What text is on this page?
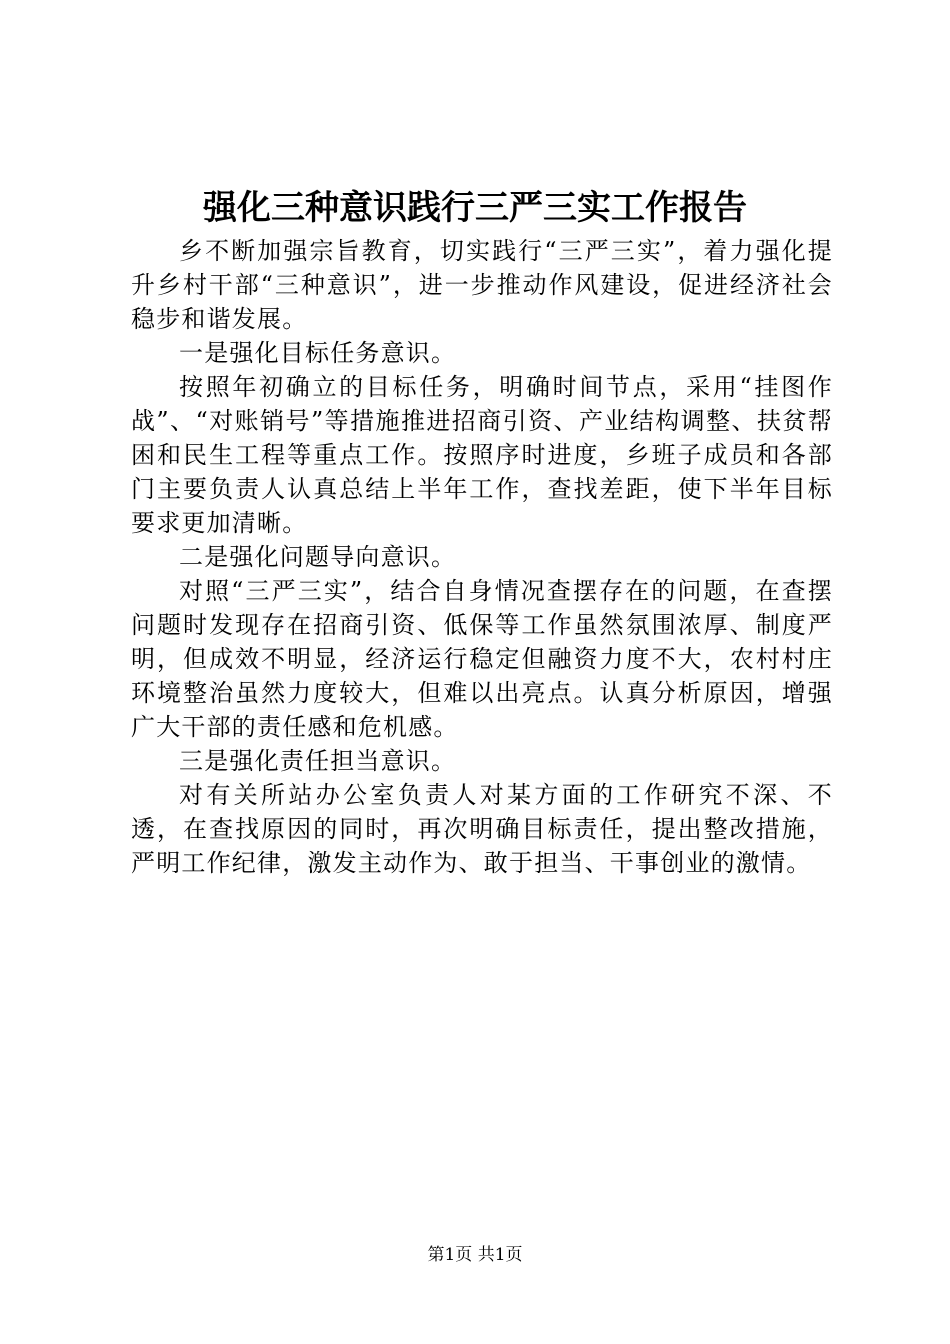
强化三种意识践行三严三实工作报告

乡不断加强宗旨教育，切实践行“三严三实”，着力强化提升乡村干部“三种意识”，进一步推动作风建设，促进经济社会稳步和谐发展。

一是强化目标任务意识。

按照年初确立的目标任务，明确时间节点，采用“挂图作战”、“对账销号”等措施推进招商引资、产业结构调整、扶贫帮困和民生工程等重点工作。按照序时进度，乡班子成员和各部门主要负责人认真总结上半年工作，查找差距，使下半年目标要求更加清晰。

二是强化问题导向意识。

对照“三严三实”，结合自身情况查摆存在的问题，在查摆问题时发现存在招商引资、低保等工作虽然氛围浓厚、制度严明，但成效不明显，经济运行稳定但融资力度不大，农村村庄环境整治虽然力度较大，但难以出亮点。认真分析原因，增强广大干部的责任感和危机感。

三是强化责任担当意识。

对有关所站办公室负责人对某方面的工作研究不深、不透，在查找原因的同时，再次明确目标责任，提出整改措施，严明工作纪律，激发主动作为、敢于担当、干事创业的激情。

第1页 共1页
